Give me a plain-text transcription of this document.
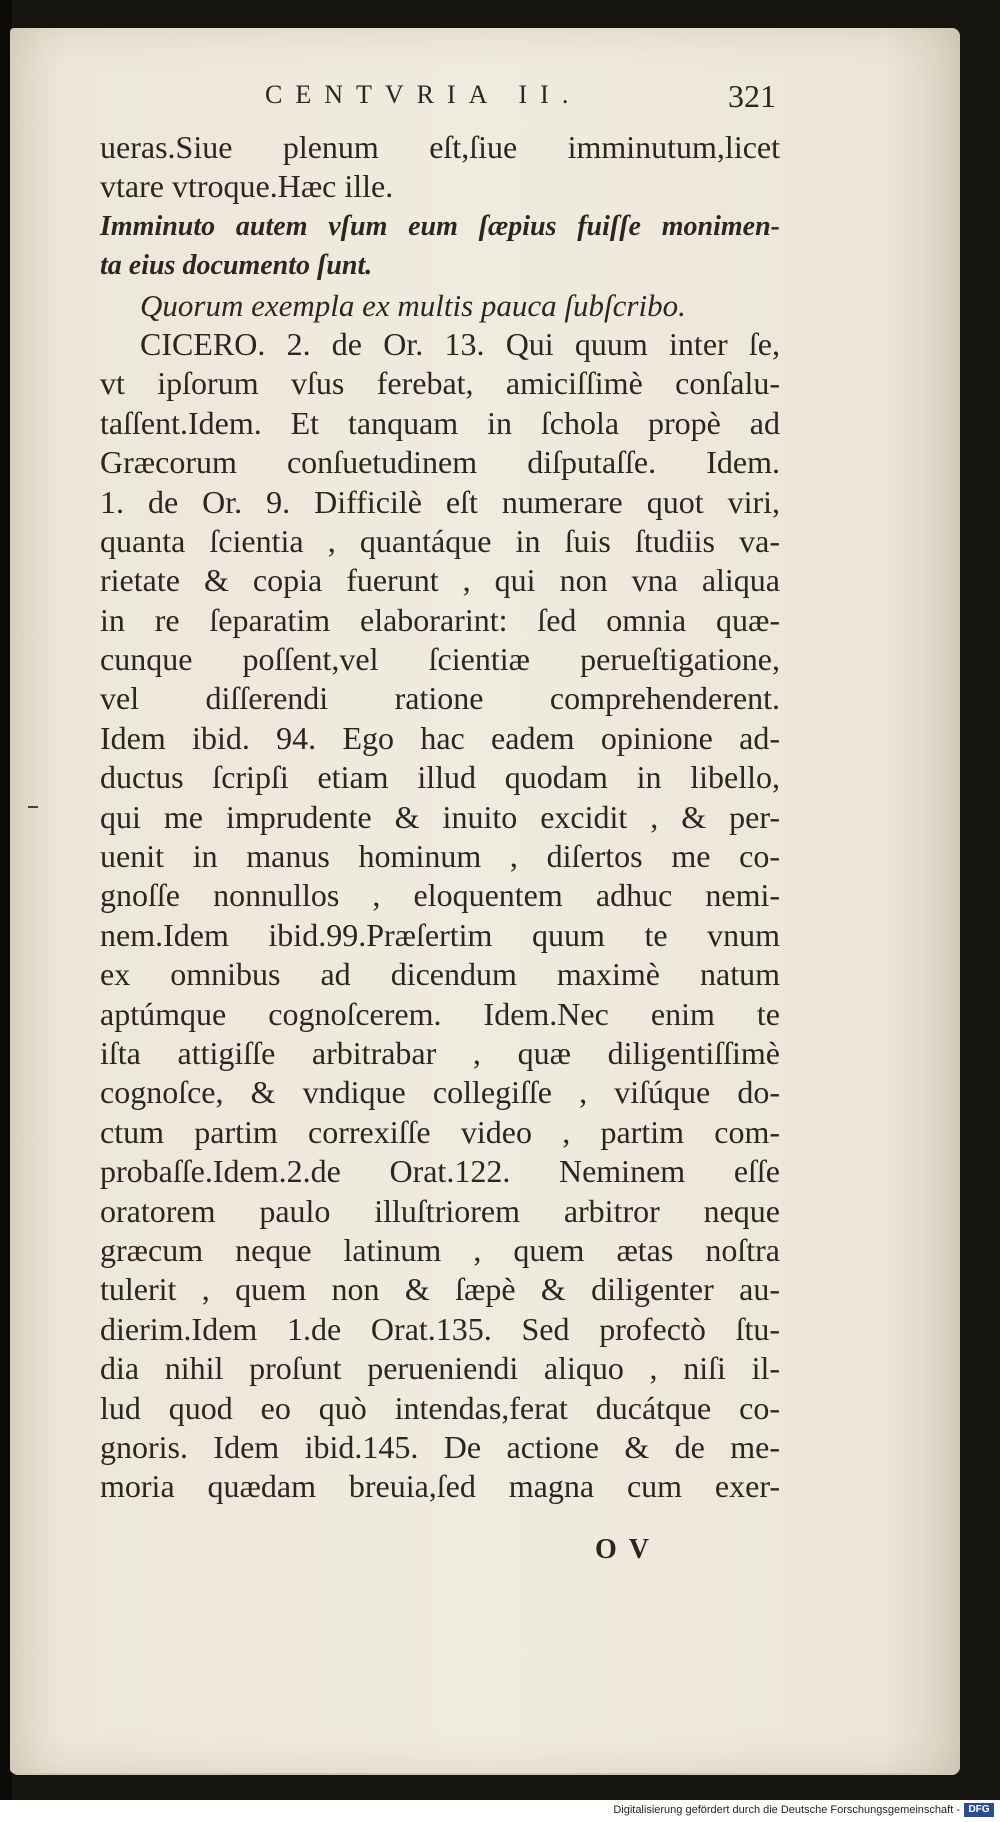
CENTVRIA II.	321
ueras.Siue plenum eſt,ſiue imminutum,licet
vtare vtroque.Hæc ille.
Imminuto autem vſum eum ſæpius fuiſſe monimen-
ta eius documento ſunt.
Quorum exempla ex multis pauca ſubſcribo.
CICERO. 2. de Or. 13. Qui quum inter ſe,
vt ipſorum vſus ferebat, amiciſſimè conſalu-
taſſent.Idem. Et tanquam in ſchola propè ad
Græcorum conſuetudinem diſputaſſe. Idem.
1. de Or. 9. Difficilè eſt numerare quot viri,
quanta ſcientia , quantáque in ſuis ſtudiis va-
rietate & copia fuerunt , qui non vna aliqua
in re ſeparatim elaborarint: ſed omnia quæ-
cunque poſſent,vel ſcientiæ perueſtigatione,
vel diſſerendi ratione comprehenderent.
Idem ibid. 94. Ego hac eadem opinione ad-
ductus ſcripſi etiam illud quodam in libello,
qui me imprudente & inuito excidit , & per-
uenit in manus hominum , diſertos me co-
gnoſſe nonnullos , eloquentem adhuc nemi-
nem.Idem ibid.99.Præſertim quum te vnum
ex omnibus ad dicendum maximè natum
aptúmque cognoſcerem. Idem.Nec enim te
iſta attigiſſe arbitrabar , quæ diligentiſſimè
cognoſce, & vndique collegiſſe , viſúque do-
ctum partim correxiſſe video , partim com-
probaſſe.Idem.2.de Orat.122. Neminem eſſe
oratorem paulo illuſtriorem arbitror neque
græcum neque latinum , quem ætas noſtra
tulerit , quem non & ſæpè & diligenter au-
dierim.Idem 1.de Orat.135. Sed profectò ſtu-
dia nihil proſunt perueniendi aliquo , niſi il-
lud quod eo quò intendas,ferat ducátque co-
gnoris. Idem ibid.145. De actione & de me-
moria quædam breuia,ſed magna cum exer-
OV
Digitalisierung gefördert durch die Deutsche Forschungsgemeinschaft - DFG
